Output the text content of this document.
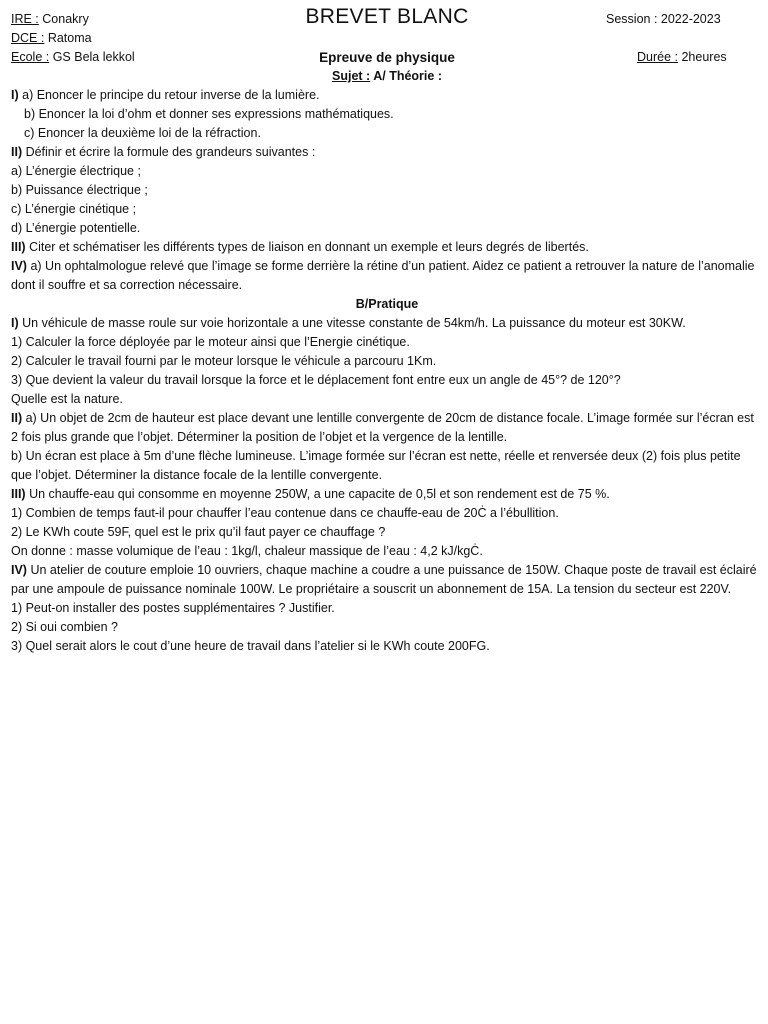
IRE : Conakry	BREVET BLANC	Session : 2022-2023
DCE : Ratoma
Ecole : GS Bela lekkol	Epreuve de physique	Durée : 2heures
Sujet : A/ Théorie :
I) a) Enoncer le principe du retour inverse de la lumière.
b) Enoncer la loi d’ohm et donner ses expressions mathématiques.
c) Enoncer la deuxième loi de la réfraction.
II) Définir et écrire la formule des grandeurs suivantes :
a) L’énergie électrique ;
b) Puissance électrique ;
c) L’énergie cinétique ;
d) L’énergie potentielle.
III) Citer et schématiser les différents types de liaison en donnant un exemple et leurs degrés de libertés.
IV) a) Un ophtalmologue relevé que l’image se forme derrière la rétine d’un patient. Aidez ce patient a retrouver la nature de l’anomalie dont il souffre et sa correction nécessaire.
B/Pratique
I) Un véhicule de masse roule sur voie horizontale a une vitesse constante de 54km/h. La puissance du moteur est 30KW.
1) Calculer la force déployée par le moteur ainsi que l’Energie cinétique.
2) Calculer le travail fourni par le moteur lorsque le véhicule a parcouru 1Km.
3) Que devient la valeur du travail lorsque la force et le déplacement font entre eux un angle de 45°? de 120°?
Quelle est la nature.
II) a) Un objet de 2cm de hauteur est place devant une lentille convergente de 20cm de distance focale. L’image formée sur l’écran est 2 fois plus grande que l’objet. Déterminer la position de l’objet et la vergence de la lentille.
b) Un écran est place à 5m d’une flèche lumineuse. L’image formée sur l’écran est nette, réelle et renversée deux (2) fois plus petite que l’objet. Déterminer la distance focale de la lentille convergente.
III) Un chauffe-eau qui consomme en moyenne 250W, a une capacite de 0,5l et son rendement est de 75 %.
1) Combien de temps faut-il pour chauffer l’eau contenue dans ce chauffe-eau de 20Ċ a l’ébullition.
2) Le KWh coute 59F, quel est le prix qu’il faut payer ce chauffage ?
On donne : masse volumique de l’eau : 1kg/l, chaleur massique de l’eau : 4,2 kJ/kgĊ.
IV) Un atelier de couture emploie 10 ouvriers, chaque machine a coudre a une puissance de 150W. Chaque poste de travail est éclairé par une ampoule de puissance nominale 100W. Le propriétaire a souscrit un abonnement de 15A. La tension du secteur est 220V.
1) Peut-on installer des postes supplémentaires ? Justifier.
2) Si oui combien ?
3) Quel serait alors le cout d’une heure de travail dans l’atelier si le KWh coute 200FG.
